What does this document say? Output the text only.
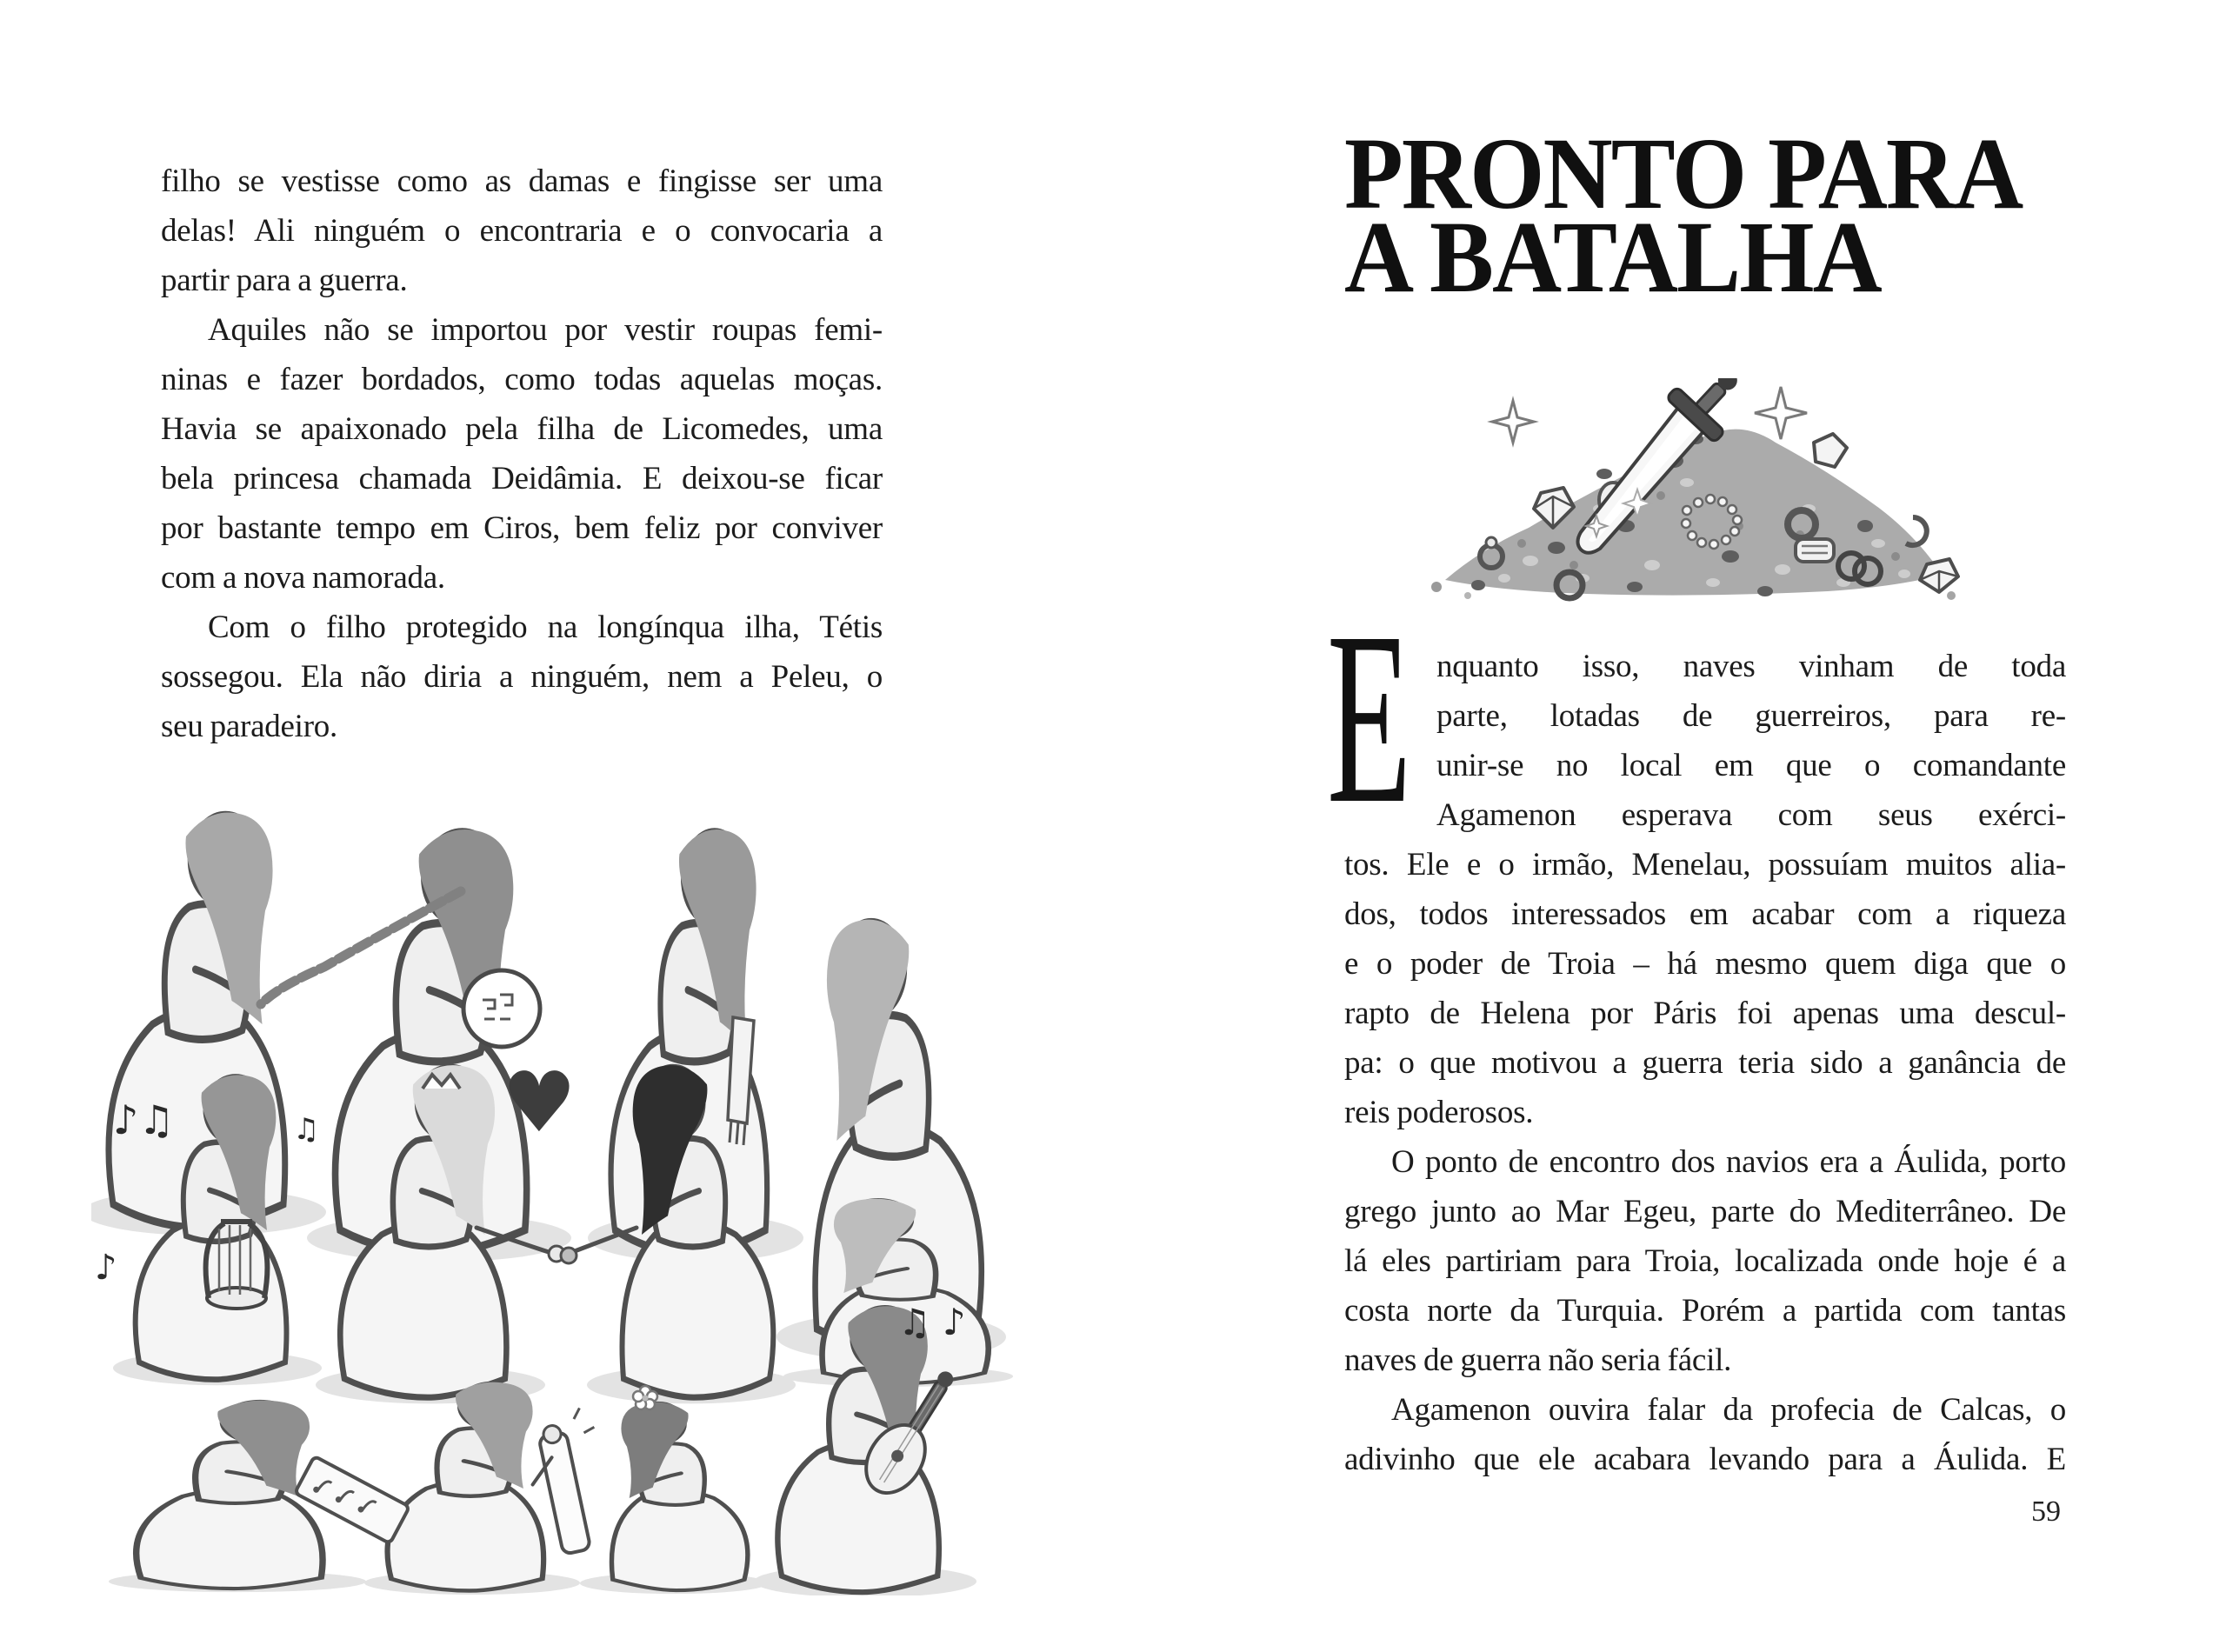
filho se vestisse como as damas e fingisse ser uma
delas! Ali ninguém o encontraria e o convocaria a
partir para a guerra.
Aquiles não se importou por vestir roupas femi-
ninas e fazer bordados, como todas aquelas moças.
Havia se apaixonado pela filha de Licomedes, uma
bela princesa chamada Deidâmia. E deixou-se ficar
por bastante tempo em Ciros, bem feliz por conviver
com a nova namorada.
Com o filho protegido na longínqua ilha, Tétis
sossegou. Ela não diria a ninguém, nem a Peleu, o
seu paradeiro.
♪♫	♫
♪
♫ ♪
♥
PRONTO PARA
A BATALHA
E nquanto isso, naves vinham de toda
parte, lotadas de guerreiros, para re-
unir-se no local em que o comandante
Agamenon esperava com seus exérci-
tos. Ele e o irmão, Menelau, possuíam muitos alia-
dos, todos interessados em acabar com a riqueza
e o poder de Troia – há mesmo quem diga que o
rapto de Helena por Páris foi apenas uma descul-
pa: o que motivou a guerra teria sido a ganância de
reis poderosos.
O ponto de encontro dos navios era a Áulida, porto
grego junto ao Mar Egeu, parte do Mediterrâneo. De
lá eles partiriam para Troia, localizada onde hoje é a
costa norte da Turquia. Porém a partida com tantas
naves de guerra não seria fácil.
Agamenon ouvira falar da profecia de Calcas, o
adivinho que ele acabara levando para a Áulida. E
59
